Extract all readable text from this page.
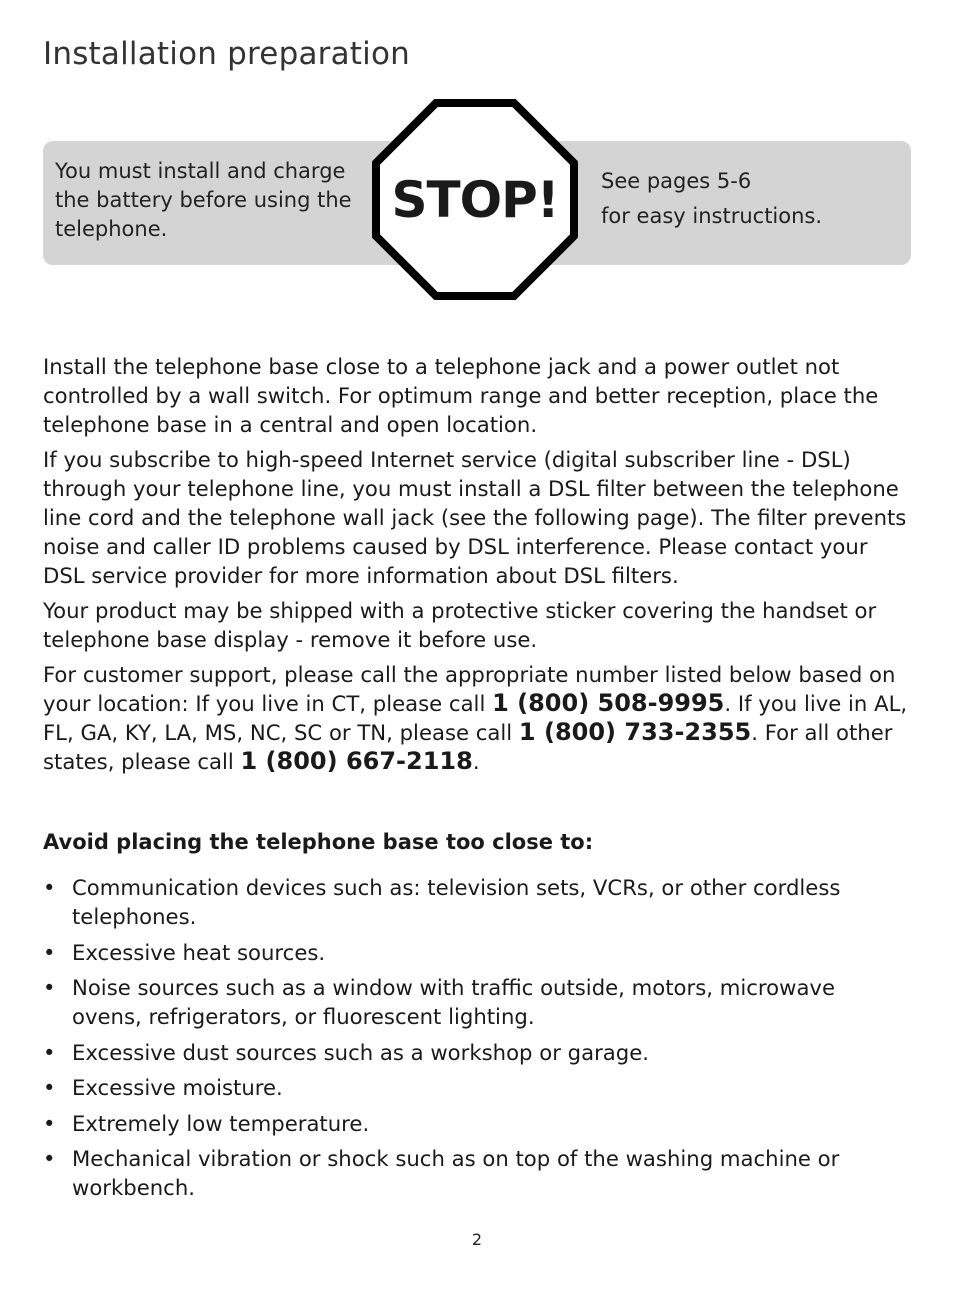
Installation preparation
You must install and charge the battery before using the telephone.
See pages 5-6
for easy instructions.
STOP!

Install the telephone base close to a telephone jack and a power outlet not controlled by a wall switch. For optimum range and better reception, place the telephone base in a central and open location.

If you subscribe to high-speed Internet service (digital subscriber line - DSL) through your telephone line, you must install a DSL filter between the telephone line cord and the telephone wall jack (see the following page). The filter prevents noise and caller ID problems caused by DSL interference. Please contact your DSL service provider for more information about DSL filters.

Your product may be shipped with a protective sticker covering the handset or telephone base display - remove it before use.

For customer support, please call the appropriate number listed below based on your location: If you live in CT, please call 1 (800) 508-9995. If you live in AL, FL, GA, KY, LA, MS, NC, SC or TN, please call 1 (800) 733-2355. For all other states, please call 1 (800) 667-2118.

Avoid placing the telephone base too close to:
• Communication devices such as: television sets, VCRs, or other cordless telephones.
• Excessive heat sources.
• Noise sources such as a window with traffic outside, motors, microwave ovens, refrigerators, or fluorescent lighting.
• Excessive dust sources such as a workshop or garage.
• Excessive moisture.
• Extremely low temperature.
• Mechanical vibration or shock such as on top of the washing machine or workbench.
2
